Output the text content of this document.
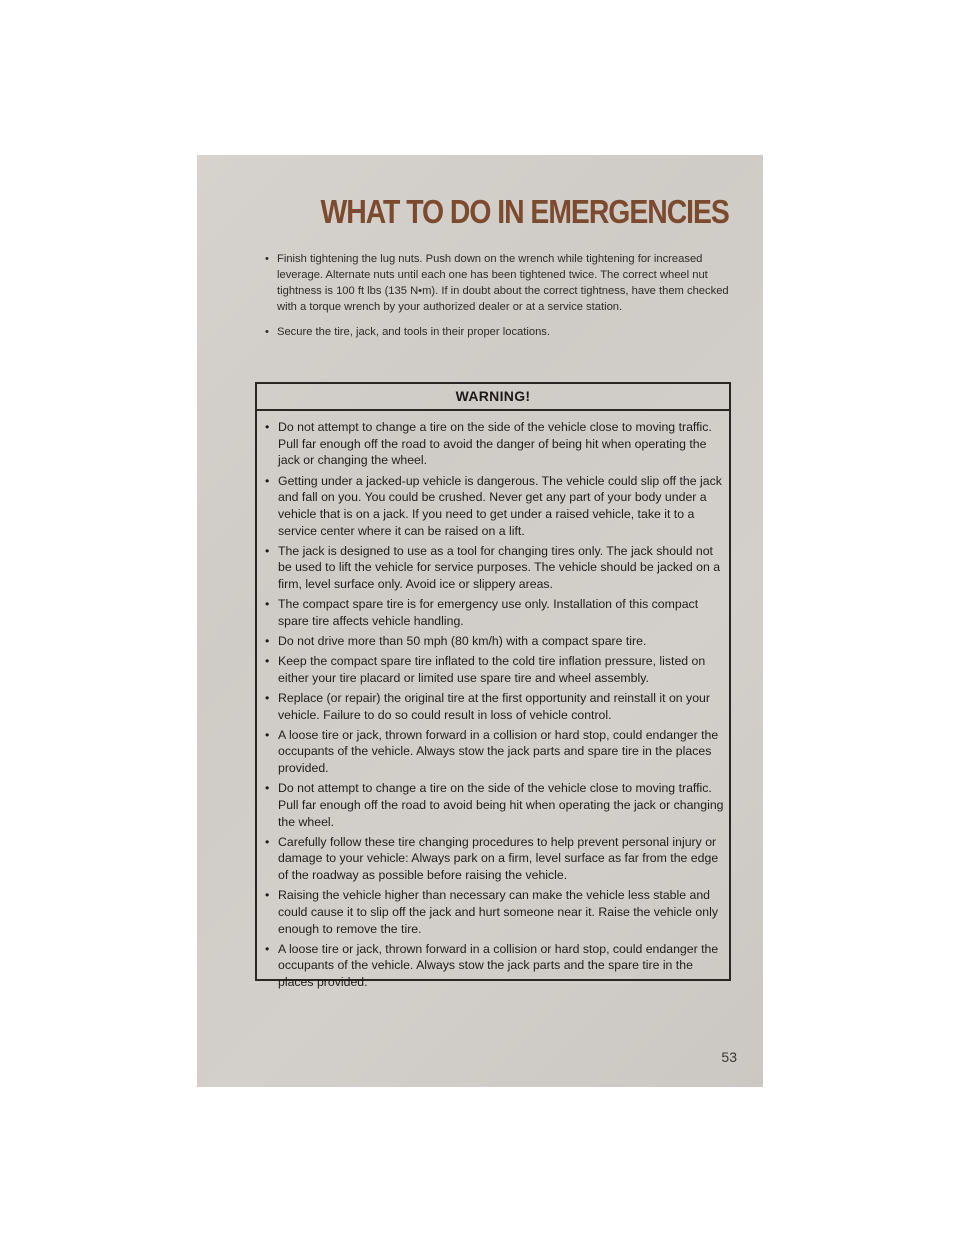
WHAT TO DO IN EMERGENCIES
• Finish tightening the lug nuts. Push down on the wrench while tightening for increased leverage. Alternate nuts until each one has been tightened twice. The correct wheel nut tightness is 100 ft lbs (135 N•m). If in doubt about the correct tightness, have them checked with a torque wrench by your authorized dealer or at a service station.
• Secure the tire, jack, and tools in their proper locations.
WARNING!
• Do not attempt to change a tire on the side of the vehicle close to moving traffic. Pull far enough off the road to avoid the danger of being hit when operating the jack or changing the wheel.
• Getting under a jacked-up vehicle is dangerous. The vehicle could slip off the jack and fall on you. You could be crushed. Never get any part of your body under a vehicle that is on a jack. If you need to get under a raised vehicle, take it to a service center where it can be raised on a lift.
• The jack is designed to use as a tool for changing tires only. The jack should not be used to lift the vehicle for service purposes. The vehicle should be jacked on a firm, level surface only. Avoid ice or slippery areas.
• The compact spare tire is for emergency use only. Installation of this compact spare tire affects vehicle handling.
• Do not drive more than 50 mph (80 km/h) with a compact spare tire.
• Keep the compact spare tire inflated to the cold tire inflation pressure, listed on either your tire placard or limited use spare tire and wheel assembly.
• Replace (or repair) the original tire at the first opportunity and reinstall it on your vehicle. Failure to do so could result in loss of vehicle control.
• A loose tire or jack, thrown forward in a collision or hard stop, could endanger the occupants of the vehicle. Always stow the jack parts and spare tire in the places provided.
• Do not attempt to change a tire on the side of the vehicle close to moving traffic. Pull far enough off the road to avoid being hit when operating the jack or changing the wheel.
• Carefully follow these tire changing procedures to help prevent personal injury or damage to your vehicle: Always park on a firm, level surface as far from the edge of the roadway as possible before raising the vehicle.
• Raising the vehicle higher than necessary can make the vehicle less stable and could cause it to slip off the jack and hurt someone near it. Raise the vehicle only enough to remove the tire.
• A loose tire or jack, thrown forward in a collision or hard stop, could endanger the occupants of the vehicle. Always stow the jack parts and the spare tire in the places provided.
53
